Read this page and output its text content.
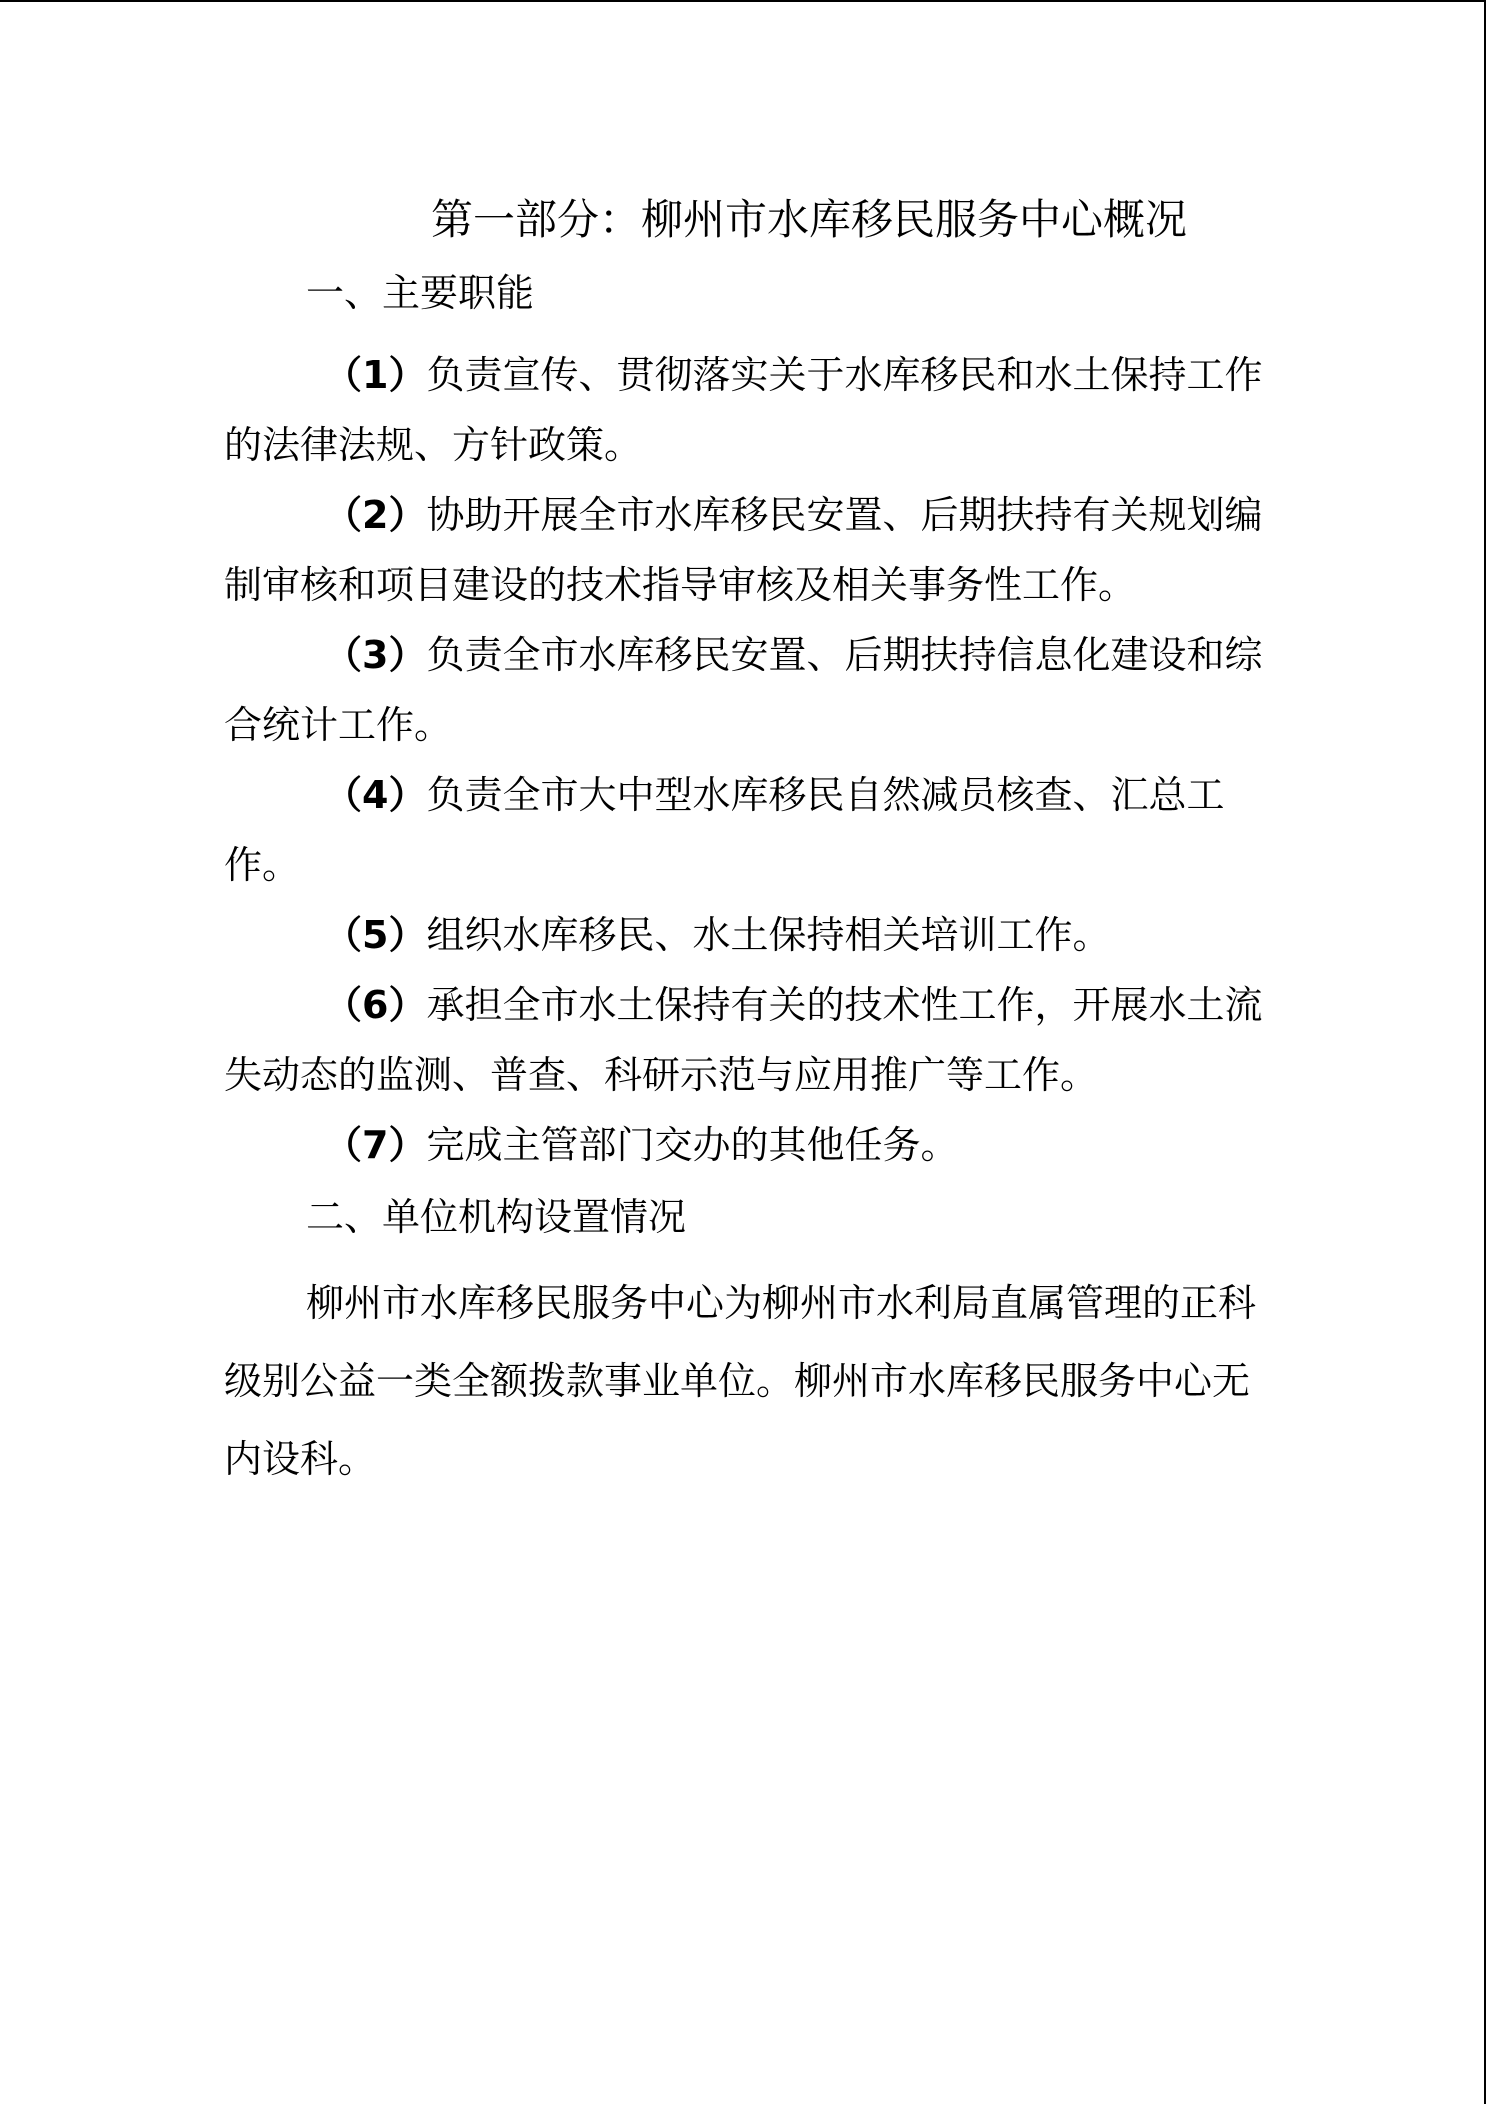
第一部分：柳州市水库移民服务中心概况
一、主要职能

（1）负责宣传、贯彻落实关于水库移民和水土保持工作的法律法规、方针政策。

（2）协助开展全市水库移民安置、后期扶持有关规划编制审核和项目建设的技术指导审核及相关事务性工作。

（3）负责全市水库移民安置、后期扶持信息化建设和综合统计工作。

（4）负责全市大中型水库移民自然减员核查、汇总工作。

（5）组织水库移民、水土保持相关培训工作。

（6）承担全市水土保持有关的技术性工作，开展水土流失动态的监测、普查、科研示范与应用推广等工作。

（7）完成主管部门交办的其他任务。

二、单位机构设置情况

柳州市水库移民服务中心为柳州市水利局直属管理的正科级别公益一类全额拨款事业单位。柳州市水库移民服务中心无内设科。
